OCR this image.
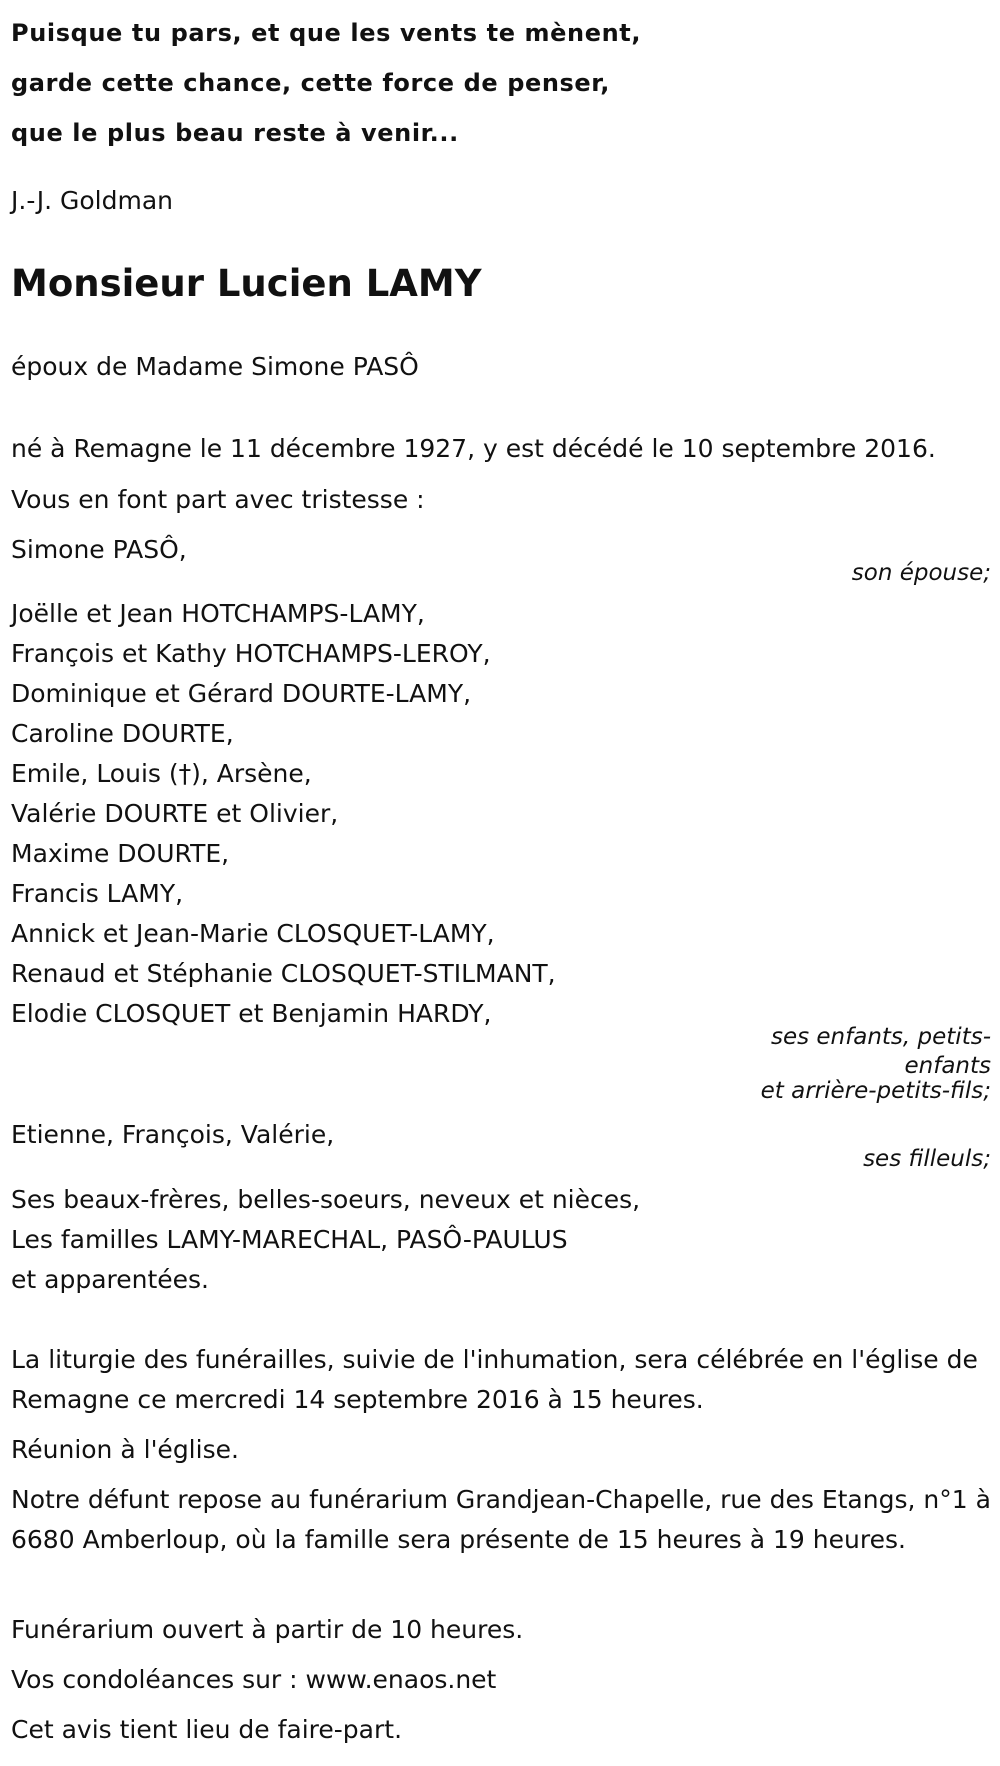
Puisque tu pars, et que les vents te mènent,
garde cette chance, cette force de penser,
que le plus beau reste à venir...
J.-J. Goldman
Monsieur Lucien LAMY
époux de Madame Simone PASÔ
né à Remagne le 11 décembre 1927, y est décédé le 10 septembre 2016.
Vous en font part avec tristesse :
Simone PASÔ,
son épouse;
Joëlle et Jean HOTCHAMPS-LAMY,
François et Kathy HOTCHAMPS-LEROY,
Dominique et Gérard DOURTE-LAMY,
Caroline DOURTE,
Emile, Louis (†), Arsène,
Valérie DOURTE et Olivier,
Maxime DOURTE,
Francis LAMY,
Annick et Jean-Marie CLOSQUET-LAMY,
Renaud et Stéphanie CLOSQUET-STILMANT,
Elodie CLOSQUET et Benjamin HARDY,
ses enfants, petits-
enfants
et arrière-petits-fils;
Etienne, François, Valérie,
ses filleuls;
Ses beaux-frères, belles-soeurs, neveux et nièces,
Les familles LAMY-MARECHAL, PASÔ-PAULUS
et apparentées.
La liturgie des funérailles, suivie de l'inhumation, sera célébrée en l'église de Remagne ce mercredi 14 septembre 2016 à 15 heures.
Réunion à l'église.
Notre défunt repose au funérarium Grandjean-Chapelle, rue des Etangs, n°1 à 6680 Amberloup, où la famille sera présente de 15 heures à 19 heures.
Funérarium ouvert à partir de 10 heures.
Vos condoléances sur : www.enaos.net
Cet avis tient lieu de faire-part.
